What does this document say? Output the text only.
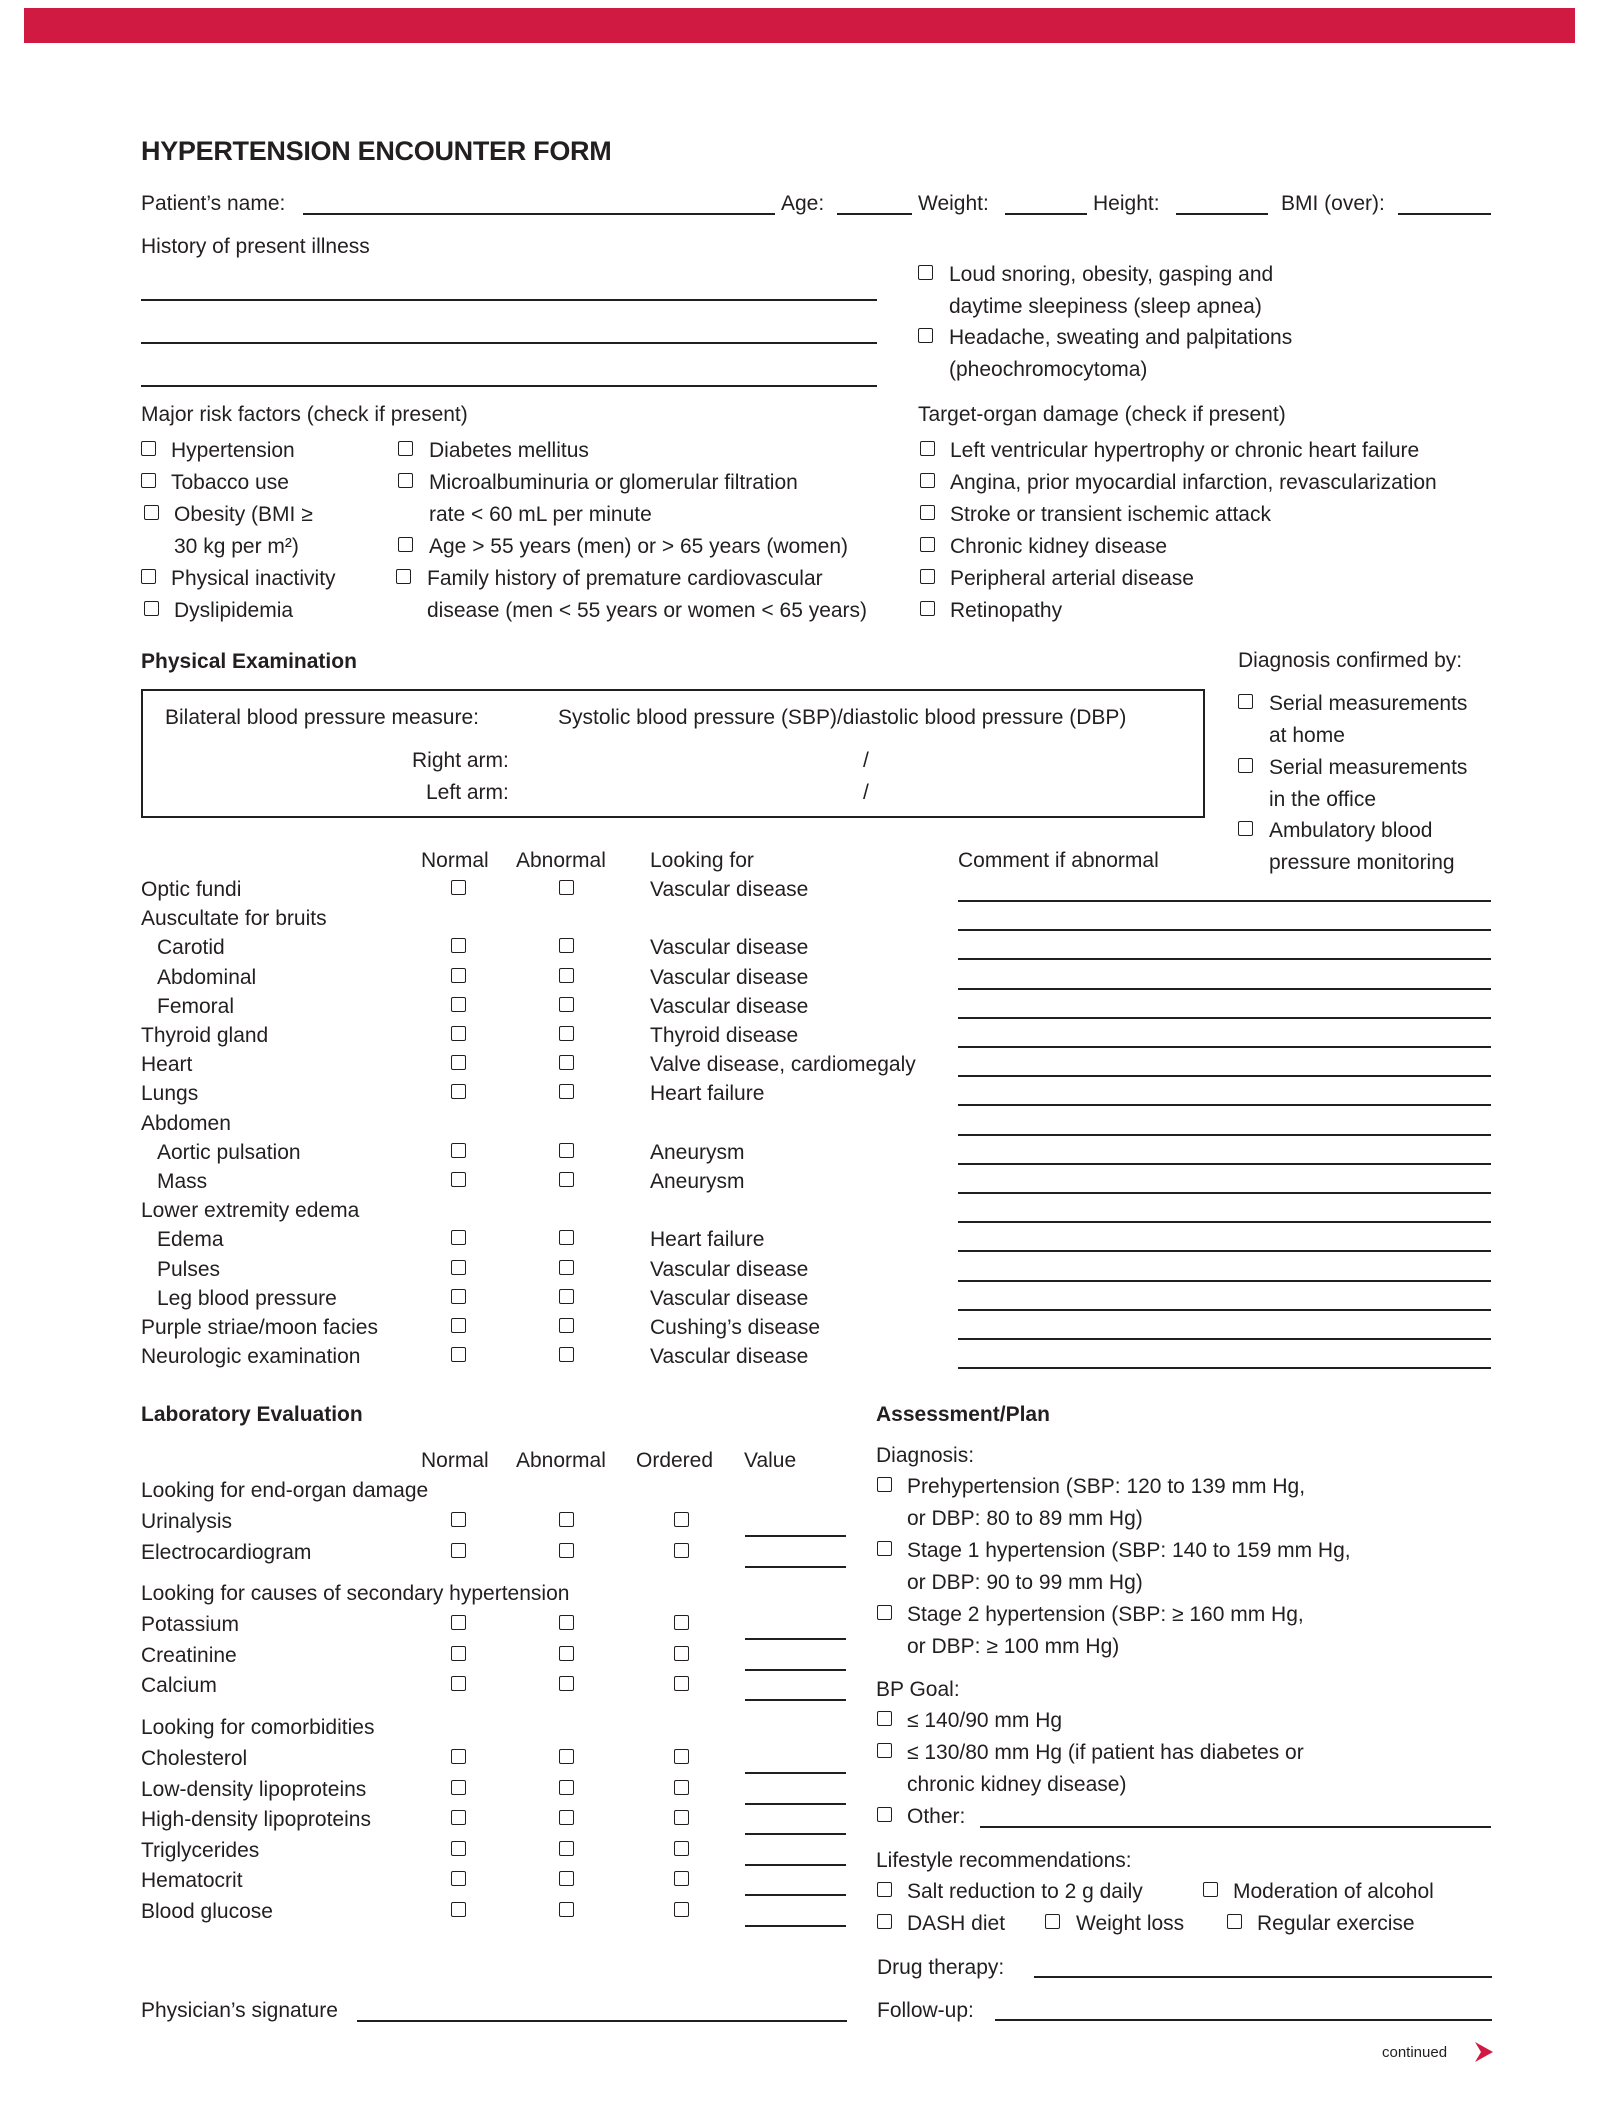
HYPERTENSION ENCOUNTER FORM
Patient’s name:	Age:	Weight:	Height:	BMI (over):
History of present illness
Loud snoring, obesity, gasping and
daytime sleepiness (sleep apnea)
Headache, sweating and palpitations
(pheochromocytoma)
Major risk factors (check if present)
Hypertension
Tobacco use
Obesity (BMI ≥
30 kg per m²)
Physical inactivity
Dyslipidemia
Diabetes mellitus
Microalbuminuria or glomerular filtration
rate < 60 mL per minute
Age > 55 years (men) or > 65 years (women)
Family history of premature cardiovascular
disease (men < 55 years or women < 65 years)
Target-organ damage (check if present)
Left ventricular hypertrophy or chronic heart failure
Angina, prior myocardial infarction, revascularization
Stroke or transient ischemic attack
Chronic kidney disease
Peripheral arterial disease
Retinopathy
Physical Examination
Bilateral blood pressure measure:	Systolic blood pressure (SBP)/diastolic blood pressure (DBP)
Right arm:	/
Left arm:	/
Diagnosis confirmed by:
Serial measurements
at home
Serial measurements
in the office
Ambulatory blood
pressure monitoring
Normal Abnormal Looking for	Comment if abnormal
Optic fundi	Vascular disease
Auscultate for bruits
Carotid	Vascular disease
Abdominal	Vascular disease
Femoral	Vascular disease
Thyroid gland	Thyroid disease
Heart	Valve disease, cardiomegaly
Lungs	Heart failure
Abdomen
Aortic pulsation	Aneurysm
Mass	Aneurysm
Lower extremity edema
Edema	Heart failure
Pulses	Vascular disease
Leg blood pressure	Vascular disease
Purple striae/moon facies	Cushing’s disease
Neurologic examination	Vascular disease
Laboratory Evaluation
Normal Abnormal Ordered Value
Looking for end-organ damage
Urinalysis
Electrocardiogram
Looking for causes of secondary hypertension
Potassium
Creatinine
Calcium
Looking for comorbidities
Cholesterol
Low-density lipoproteins
High-density lipoproteins
Triglycerides
Hematocrit
Blood glucose
Assessment/Plan
Diagnosis:
Prehypertension (SBP: 120 to 139 mm Hg,
or DBP: 80 to 89 mm Hg)
Stage 1 hypertension (SBP: 140 to 159 mm Hg,
or DBP: 90 to 99 mm Hg)
Stage 2 hypertension (SBP: ≥ 160 mm Hg,
or DBP: ≥ 100 mm Hg)
BP Goal:
≤ 140/90 mm Hg
≤ 130/80 mm Hg (if patient has diabetes or
chronic kidney disease)
Other:
Lifestyle recommendations:
Salt reduction to 2 g daily	Moderation of alcohol
DASH diet	Weight loss	Regular exercise
Drug therapy:
Follow-up:
Physician’s signature
continued
